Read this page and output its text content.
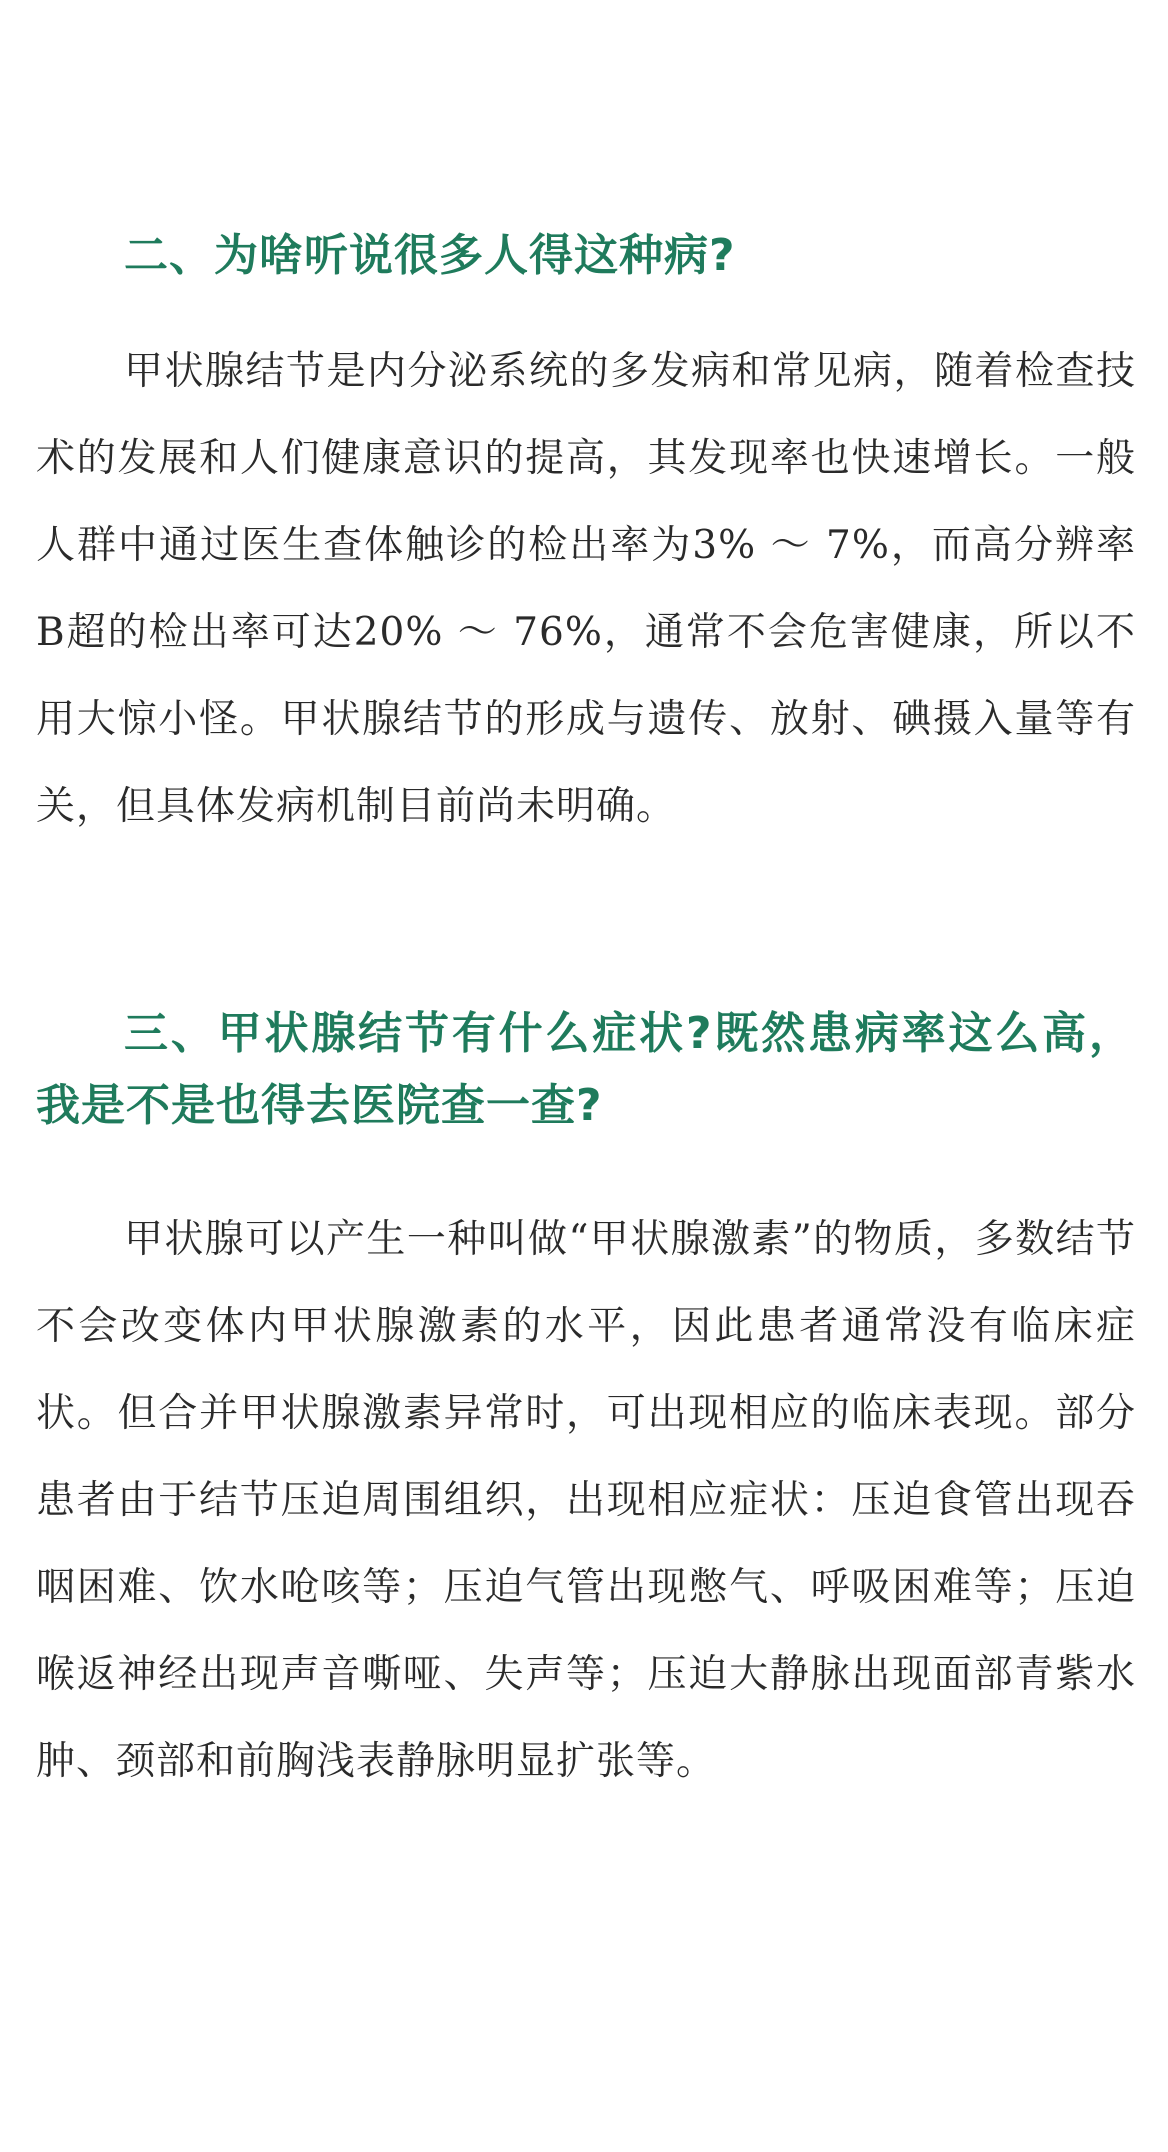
二、为啥听说很多人得这种病?

甲状腺结节是内分泌系统的多发病和常见病，随着检查技术的发展和人们健康意识的提高，其发现率也快速增长。一般人群中通过医生查体触诊的检出率为3% ～ 7%，而高分辨率B超的检出率可达20% ～ 76%，通常不会危害健康，所以不用大惊小怪。甲状腺结节的形成与遗传、放射、碘摄入量等有关，但具体发病机制目前尚未明确。

三、甲状腺结节有什么症状?既然患病率这么高，我是不是也得去医院查一查?

甲状腺可以产生一种叫做“甲状腺激素”的物质，多数结节不会改变体内甲状腺激素的水平，因此患者通常没有临床症状。但合并甲状腺激素异常时，可出现相应的临床表现。部分患者由于结节压迫周围组织，出现相应症状：压迫食管出现吞咽困难、饮水呛咳等；压迫气管出现憋气、呼吸困难等；压迫喉返神经出现声音嘶哑、失声等；压迫大静脉出现面部青紫水肿、颈部和前胸浅表静脉明显扩张等。
